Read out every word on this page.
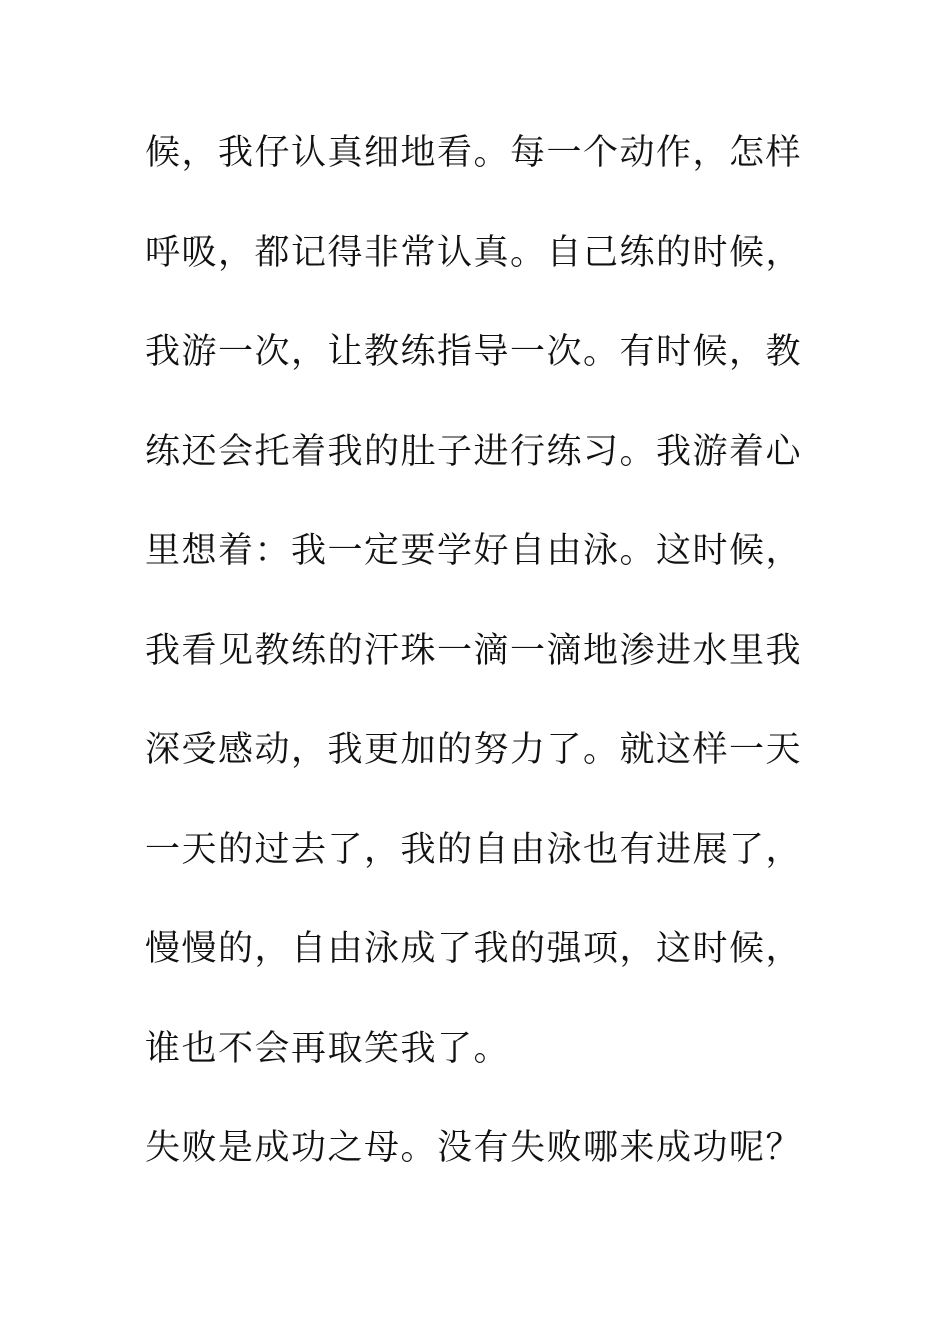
候，我仔认真细地看。每一个动作，怎样
呼吸，都记得非常认真。自己练的时候，
我游一次，让教练指导一次。有时候，教
练还会托着我的肚子进行练习。我游着心
里想着：我一定要学好自由泳。这时候，
我看见教练的汗珠一滴一滴地渗进水里我
深受感动，我更加的努力了。就这样一天
一天的过去了，我的自由泳也有进展了，
慢慢的，自由泳成了我的强项，这时候，
谁也不会再取笑我了。
失败是成功之母。没有失败哪来成功呢？
